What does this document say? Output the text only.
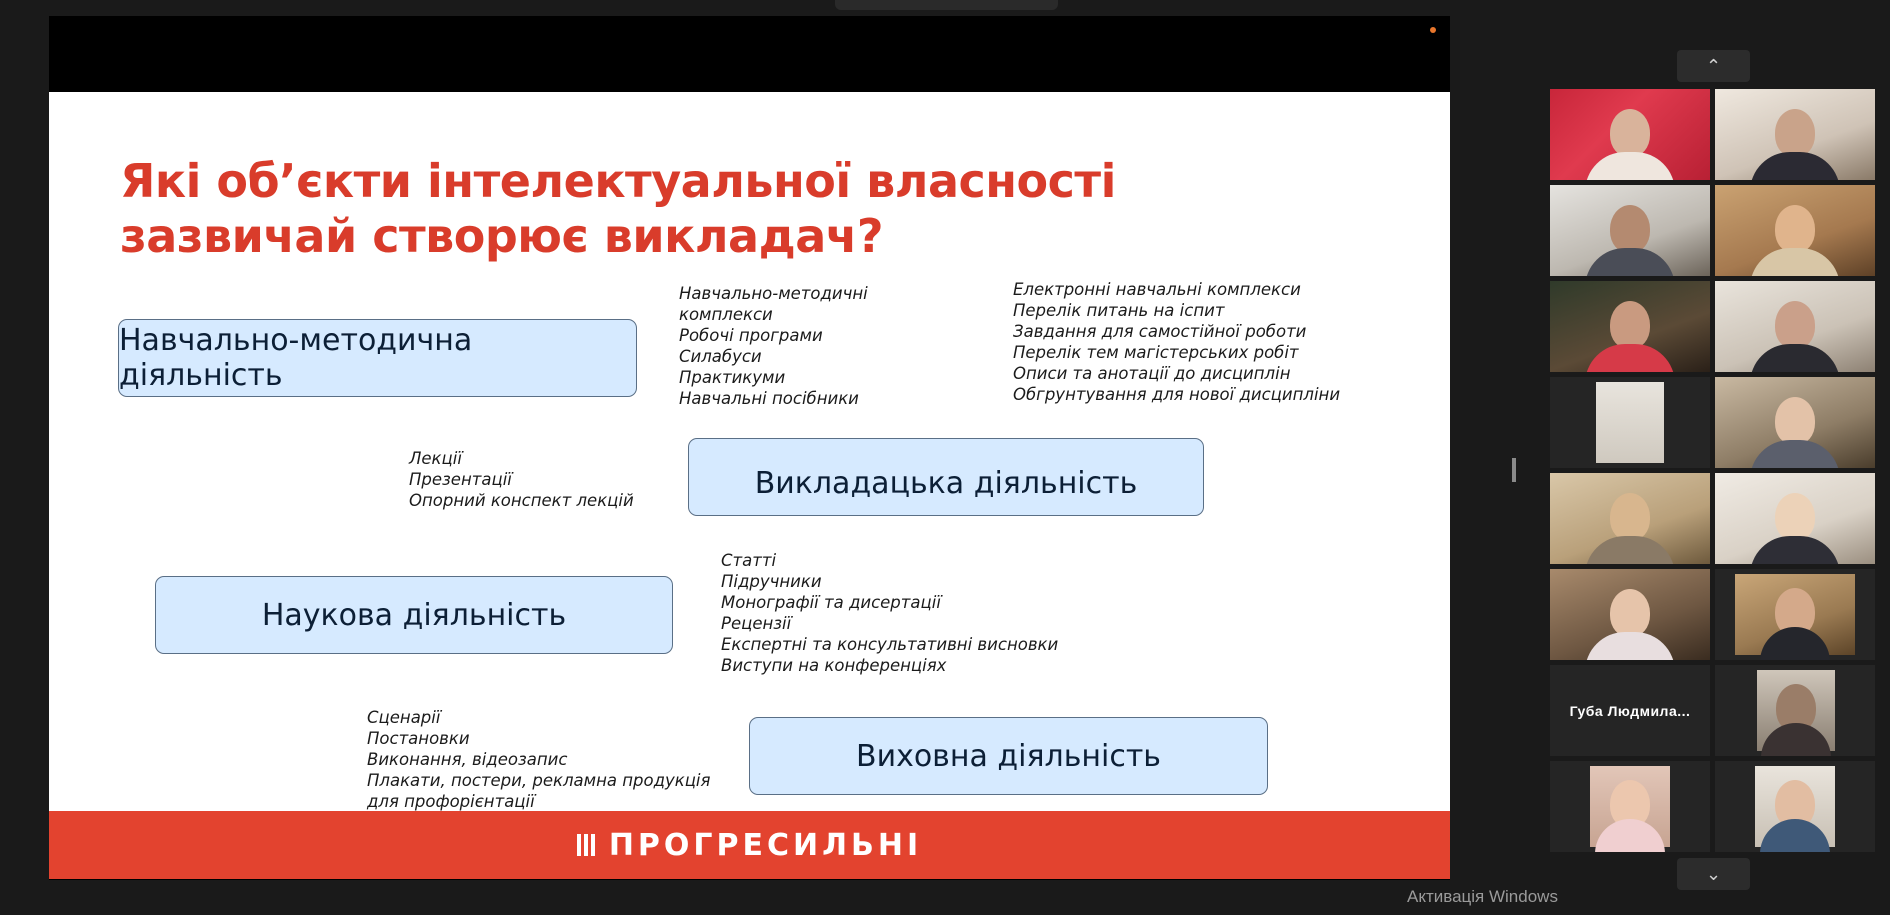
Які об’єкти інтелектуальної власності зазвичай створює викладач?
Навчально-методична діяльність
Викладацька діяльність
Наукова діяльність
Виховна діяльність
Навчально-методичні
комплекси
Робочі програми
Силабуси
Практикуми
Навчальні посібники
Електронні навчальні комплекси
Перелік питань на іспит
Завдання для самостійної роботи
Перелік тем магістерських робіт
Описи та анотації до дисциплін
Обгрунтування для нової дисципліни
Лекції
Презентації
Опорний конспект лекцій
Статті
Підручники
Монографії та дисертації
Рецензії
Експертні та консультативні висновки
Виступи на конференціях
Сценарії
Постановки
Виконання, відеозапис
Плакати, постери, рекламна продукція
для профорієнтації
ПРОГРЕСИЛЬНІ
⌃
Губа Людмила...
⌄
Активація Windows
